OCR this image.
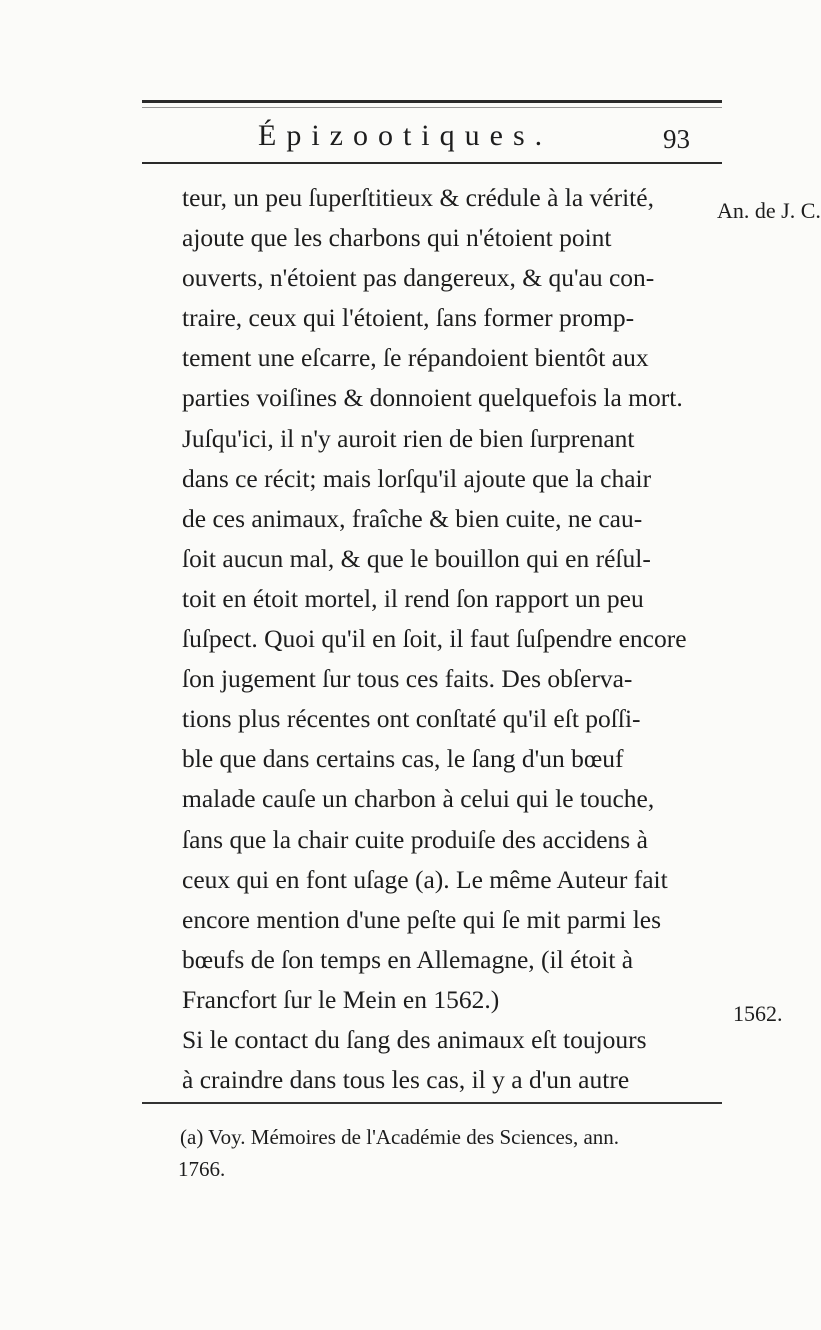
Épizootiques.	93
An. de J. C.
1562.
teur, un peu ſuperſtitieux & crédule à la vérité,
ajoute que les charbons qui n'étoient point
ouverts, n'étoient pas dangereux, & qu'au con-
traire, ceux qui l'étoient, ſans former promp-
tement une eſcarre, ſe répandoient bientôt aux
parties voiſines & donnoient quelquefois la mort.
Juſqu'ici, il n'y auroit rien de bien ſurprenant
dans ce récit; mais lorſqu'il ajoute que la chair
de ces animaux, fraîche & bien cuite, ne cau-
ſoit aucun mal, & que le bouillon qui en réſul-
toit en étoit mortel, il rend ſon rapport un peu
ſuſpect. Quoi qu'il en ſoit, il faut ſuſpendre encore
ſon jugement ſur tous ces faits. Des obſerva-
tions plus récentes ont conſtaté qu'il eſt poſſi-
ble que dans certains cas, le ſang d'un bœuf
malade cauſe un charbon à celui qui le touche,
ſans que la chair cuite produiſe des accidens à
ceux qui en font uſage (a). Le même Auteur fait
encore mention d'une peſte qui ſe mit parmi les
bœufs de ſon temps en Allemagne, (il étoit à
Francfort ſur le Mein en 1562.)
Si le contact du ſang des animaux eſt toujours
à craindre dans tous les cas, il y a d'un autre
(a) Voy. Mémoires de l'Académie des Sciences, ann.
1766.
